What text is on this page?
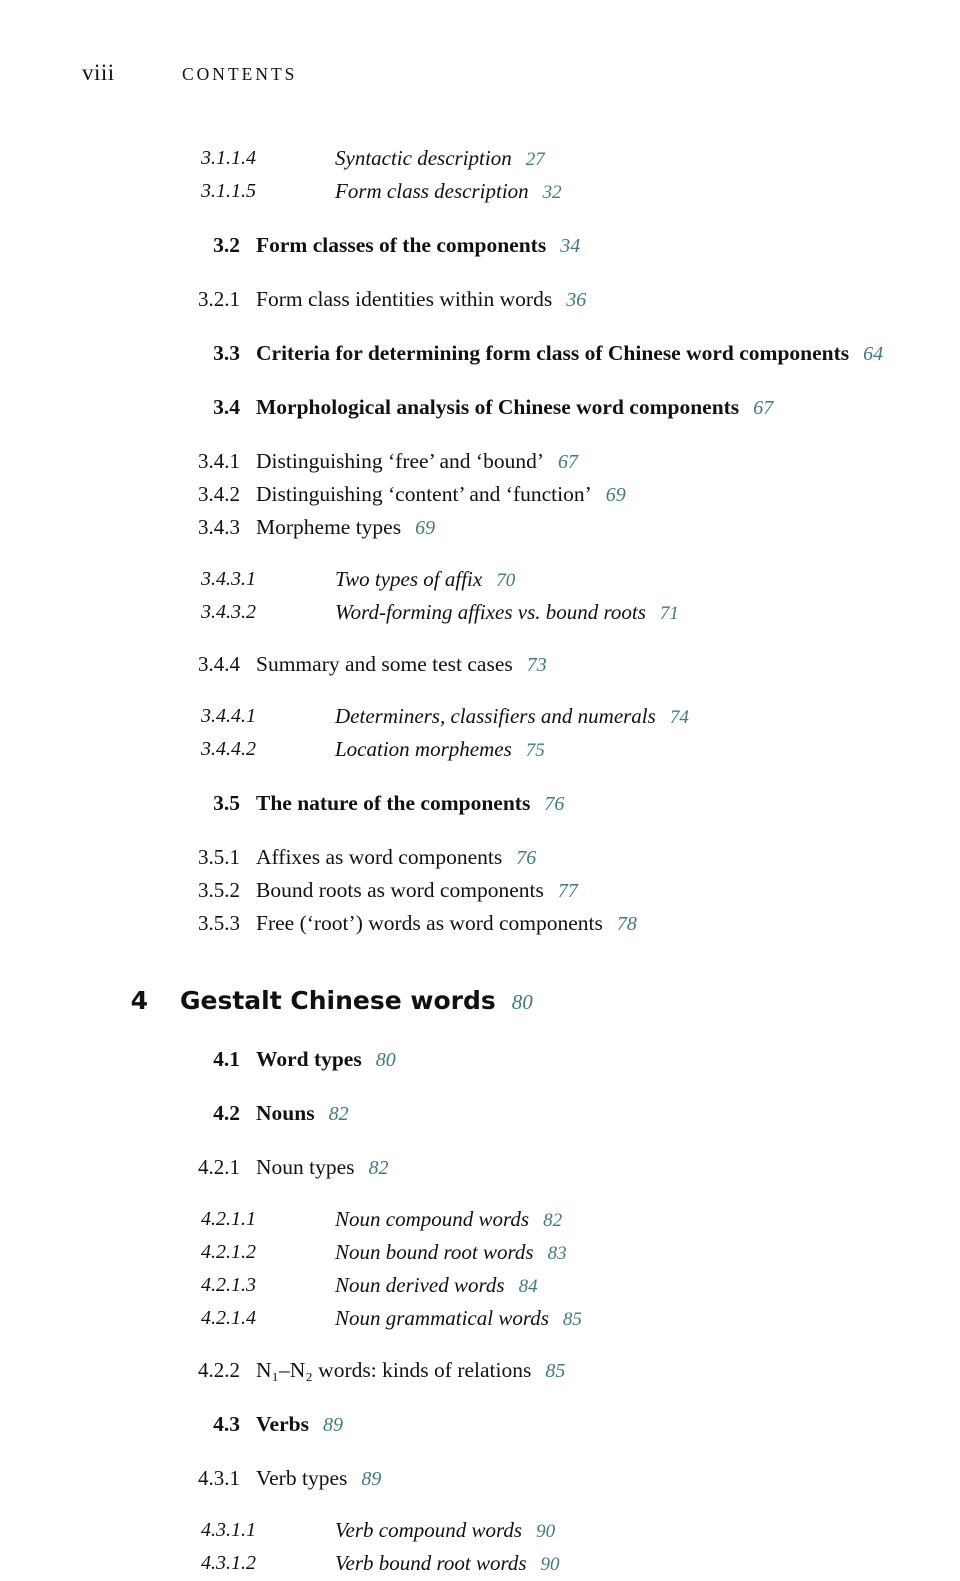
viii	CONTENTS
3.1.1.4	Syntactic description 27
3.1.1.5	Form class description 32
3.2 Form classes of the components 34
3.2.1 Form class identities within words 36
3.3 Criteria for determining form class of Chinese word components 64
3.4 Morphological analysis of Chinese word components 67
3.4.1 Distinguishing ‘free’ and ‘bound’ 67
3.4.2 Distinguishing ‘content’ and ‘function’ 69
3.4.3 Morpheme types 69
3.4.3.1	Two types of affix 70
3.4.3.2	Word-forming affixes vs. bound roots 71
3.4.4 Summary and some test cases 73
3.4.4.1	Determiners, classifiers and numerals 74
3.4.4.2	Location morphemes 75
3.5 The nature of the components 76
3.5.1 Affixes as word components 76
3.5.2 Bound roots as word components 77
3.5.3 Free (‘root’) words as word components 78
4 Gestalt Chinese words 80
4.1 Word types 80
4.2 Nouns 82
4.2.1 Noun types 82
4.2.1.1	Noun compound words 82
4.2.1.2	Noun bound root words 83
4.2.1.3	Noun derived words 84
4.2.1.4	Noun grammatical words 85
4.2.2 N₁–N₂ words: kinds of relations 85
4.3 Verbs 89
4.3.1 Verb types 89
4.3.1.1	Verb compound words 90
4.3.1.2	Verb bound root words 90
